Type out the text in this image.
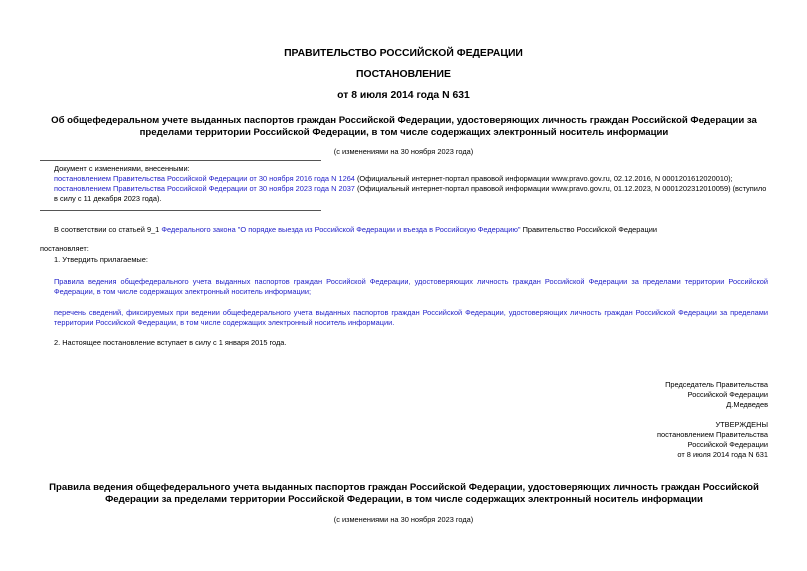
ПРАВИТЕЛЬСТВО РОССИЙСКОЙ ФЕДЕРАЦИИ

ПОСТАНОВЛЕНИЕ

от 8 июля 2014 года N 631

Об общефедеральном учете выданных паспортов граждан Российской Федерации, удостоверяющих личность граждан Российской Федерации за пределами территории Российской Федерации, в том числе содержащих электронный носитель информации

(с изменениями на 30 ноября 2023 года)

Документ с изменениями, внесенными:

постановлением Правительства Российской Федерации от 30 ноября 2016 года N 1264 (Официальный интернет-портал правовой информации www.pravo.gov.ru, 02.12.2016, N 0001201612020010);

постановлением Правительства Российской Федерации от 30 ноября 2023 года N 2037 (Официальный интернет-портал правовой информации www.pravo.gov.ru, 01.12.2023, N 0001202312010059) (вступило в силу с 11 декабря 2023 года).

В соответствии со статьей 9_1 Федерального закона "О порядке выезда из Российской Федерации и въезда в Российскую Федерацию" Правительство Российской Федерации

постановляет:

1. Утвердить прилагаемые:

Правила ведения общефедерального учета выданных паспортов граждан Российской Федерации, удостоверяющих личность граждан Российской Федерации за пределами территории Российской Федерации, в том числе содержащих электронный носитель информации;

перечень сведений, фиксируемых при ведении общефедерального учета выданных паспортов граждан Российской Федерации, удостоверяющих личность граждан Российской Федерации за пределами территории Российской Федерации, в том числе содержащих электронный носитель информации.

2. Настоящее постановление вступает в силу с 1 января 2015 года.

Председатель Правительства

Российской Федерации

Д.Медведев

УТВЕРЖДЕНЫ

постановлением Правительства

Российской Федерации

от 8 июля 2014 года N 631

Правила ведения общефедерального учета выданных паспортов граждан Российской Федерации, удостоверяющих личность граждан Российской Федерации за пределами территории Российской Федерации, в том числе содержащих электронный носитель информации

(с изменениями на 30 ноября 2023 года)
